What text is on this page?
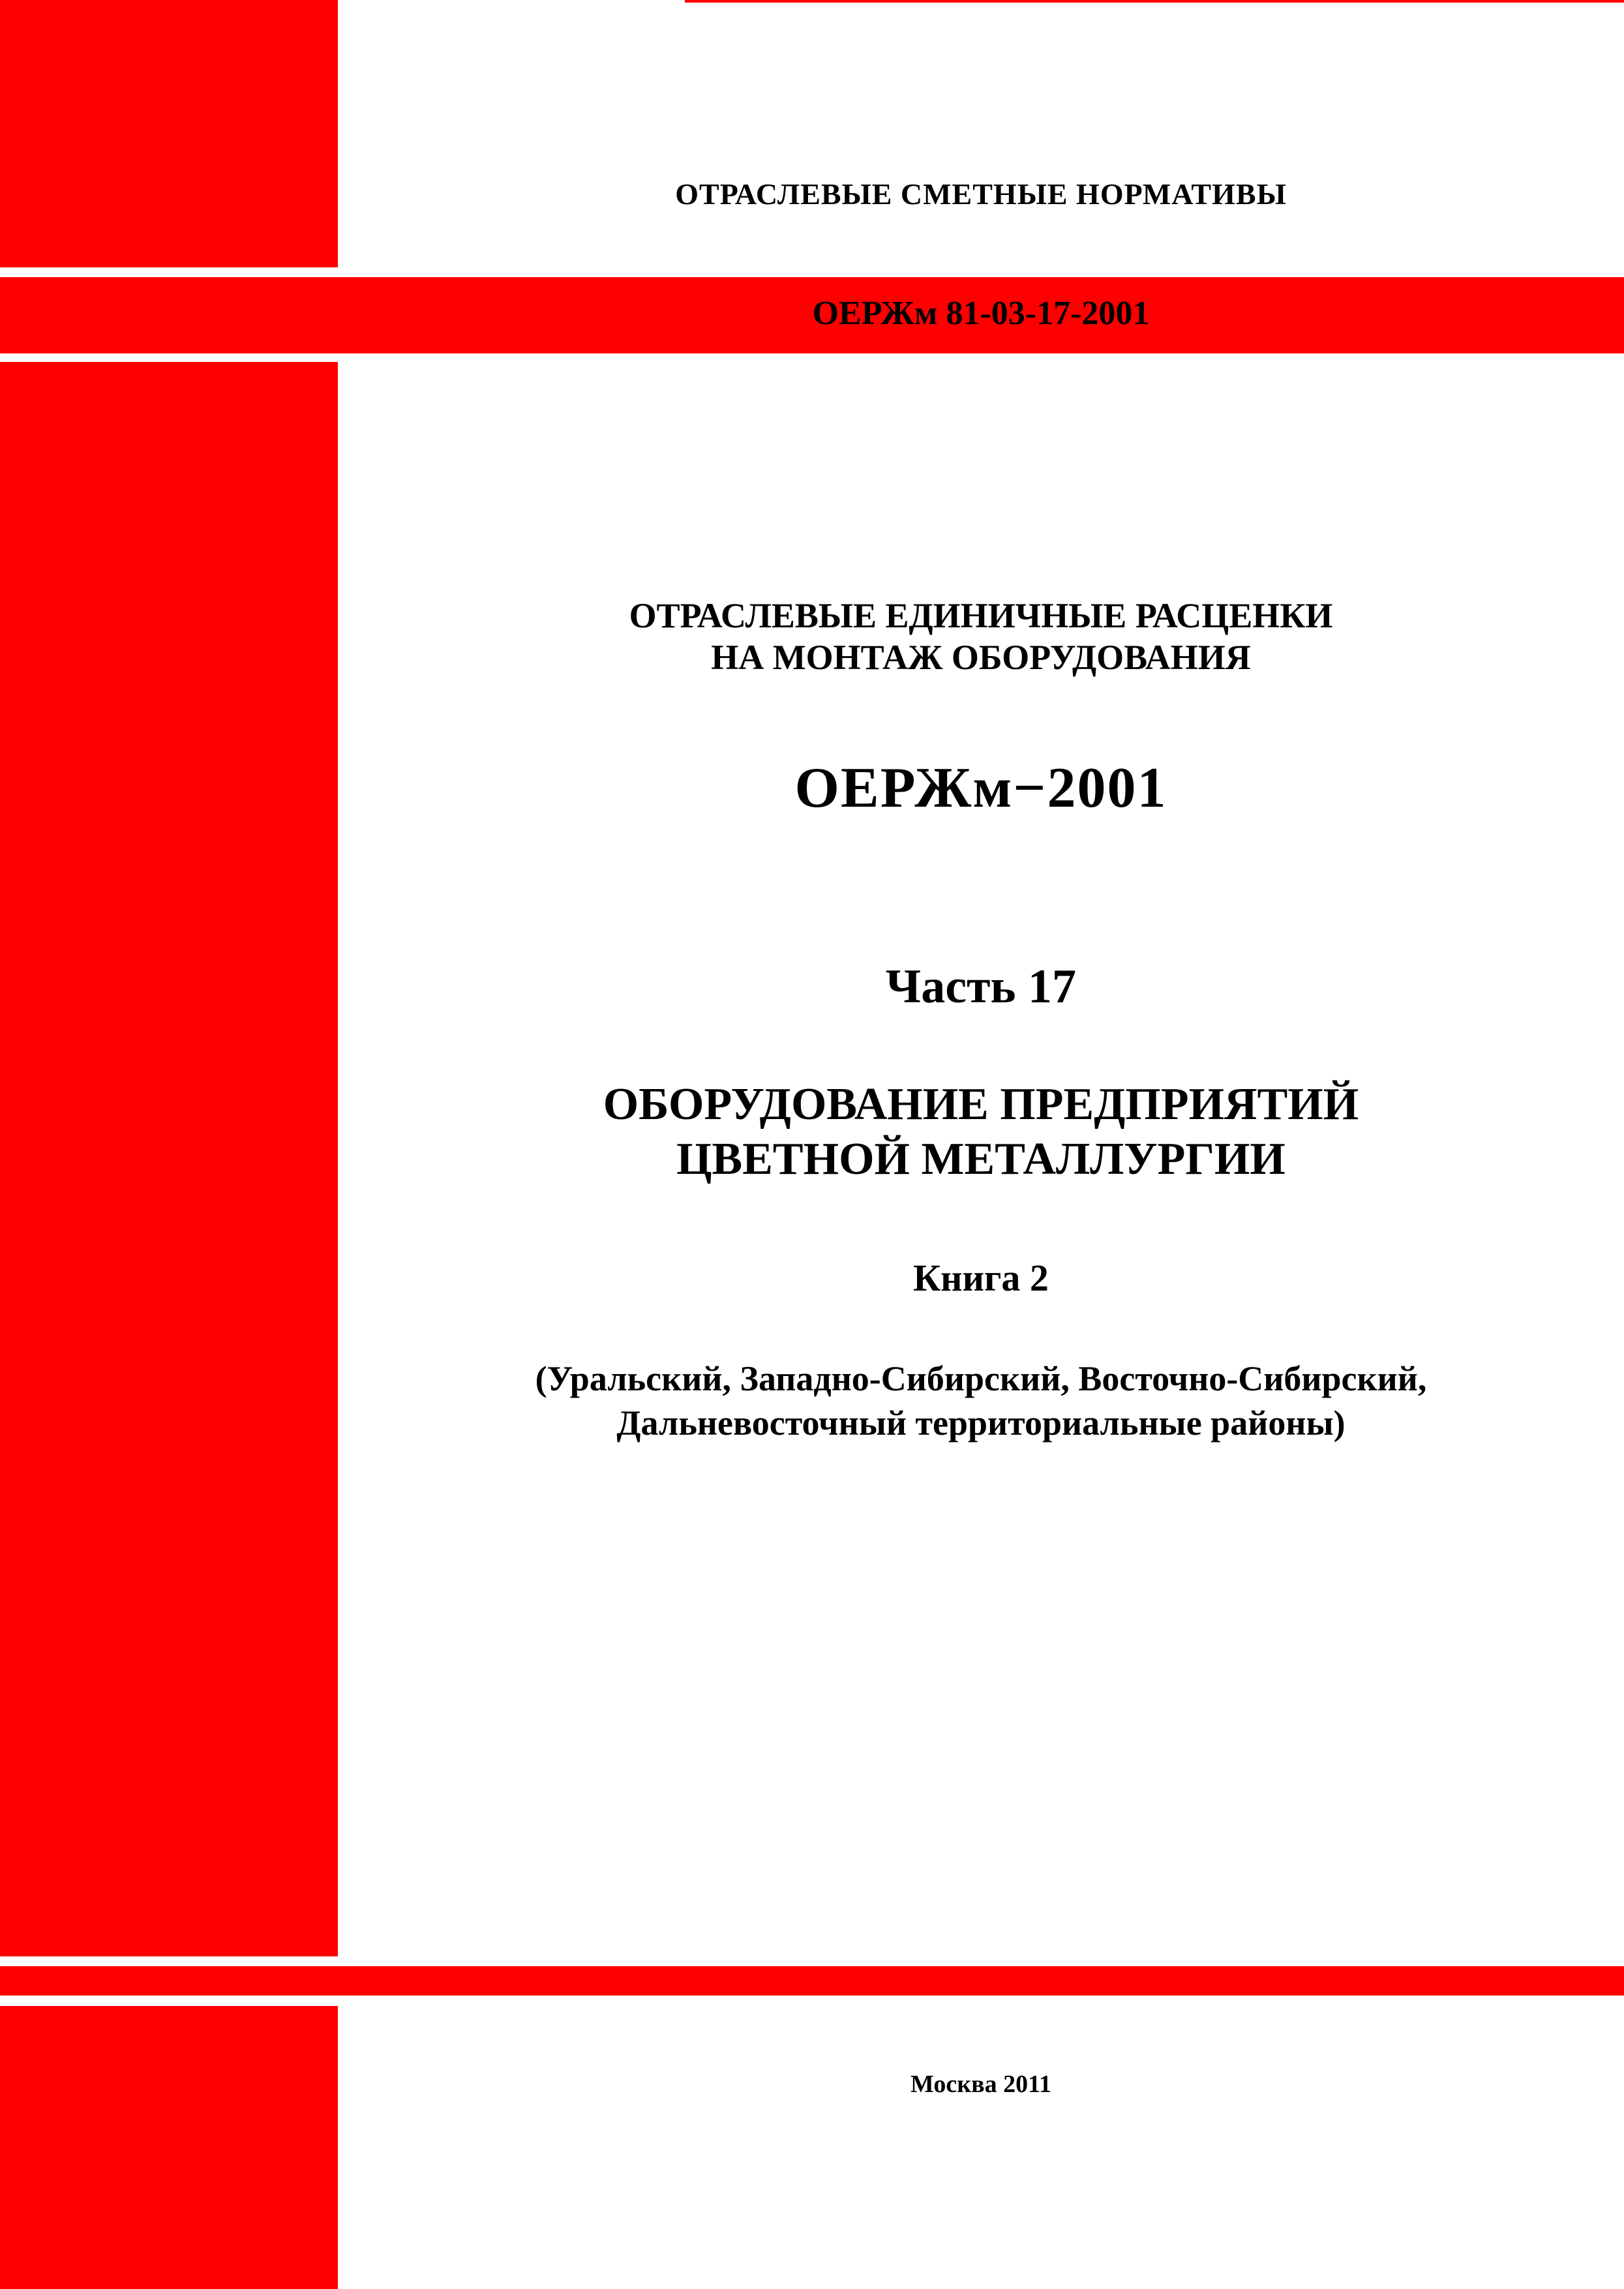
ОТРАСЛЕВЫЕ СМЕТНЫЕ НОРМАТИВЫ
ОЕРЖм 81-03-17-2001
ОТРАСЛЕВЫЕ ЕДИНИЧНЫЕ РАСЦЕНКИ
НА МОНТАЖ ОБОРУДОВАНИЯ
ОЕРЖм−2001
Часть 17
ОБОРУДОВАНИЕ ПРЕДПРИЯТИЙ
ЦВЕТНОЙ МЕТАЛЛУРГИИ
Книга 2
(Уральский, Западно-Сибирский, Восточно-Сибирский,
Дальневосточный территориальные районы)
ИЗДАНИЕ ОФИЦИАЛЬНОЕ
Москва 2011
